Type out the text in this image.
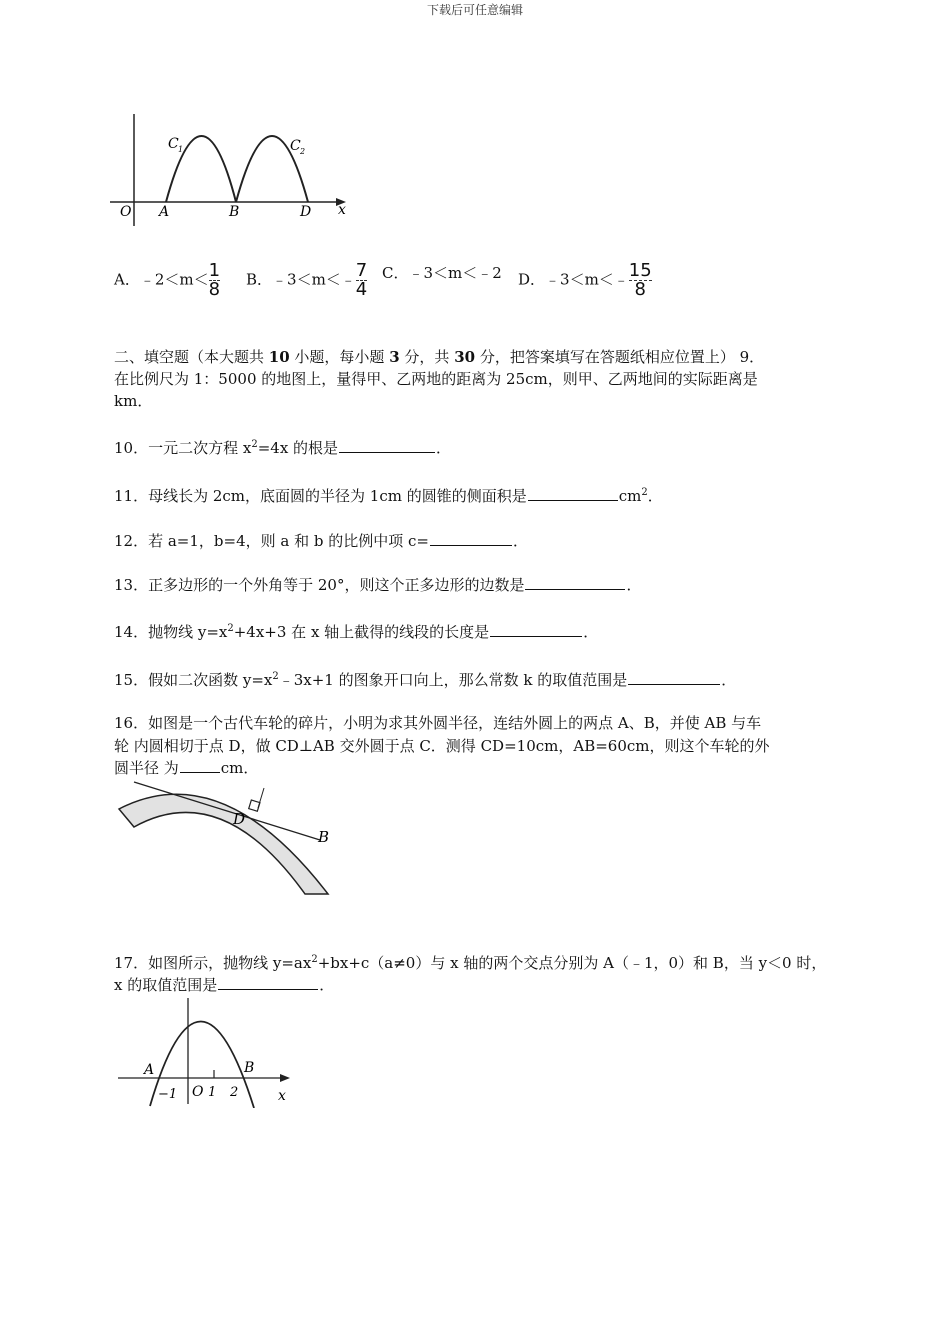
下载后可任意编辑
C 1	C 2
O A	B	D x
A．﹣2＜m＜ $\frac{1}{8}$ B．﹣3＜m＜﹣ $\frac{7}{4}$ C．﹣3＜m＜﹣2 D．﹣3＜m＜﹣ $\frac{15}{8}$
二、填空题（本大题共 10 小题，每小题 3 分，共 30 分，把答案填写在答题纸相应位置上） 9．
在比例尺为 1：5000 的地图上，量得甲、乙两地的距离为 25cm，则甲、乙两地间的实际距离是
km．
10．一元二次方程 $x^2=4x$ 的根是	．
11．母线长为 2cm，底面圆的半径为 1cm 的圆锥的侧面积是	$cm^2$．
12．若 a=1，b=4，则 a 和 b 的比例中项 c=	．
13．正多边形的一个外角等于 20°，则这个正多边形的边数是	．
14．抛物线 $y=x^2+4x+3$ 在 x 轴上截得的线段的长度是	．
15．假如二次函数 $y=x^2﹣3x+1$ 的图象开口向上，那么常数 k 的取值范围是	．
16．如图是一个古代车轮的碎片，小明为求其外圆半径，连结外圆上的两点 A、B，并使 AB 与车
轮 内圆相切于点 D，做 CD⊥AB 交外圆于点 C．测得 CD=10cm，AB=60cm，则这个车轮的外
圆半径 为	cm．
D
B
17．如图所示，抛物线 $y=ax^2+bx+c(a\ne 0)$与 x 轴的两个交点分别为 A（﹣1，0）和 B，当 y＜0 时，
x 的取值范围是	．
A	B
−1 O 1 2	x
